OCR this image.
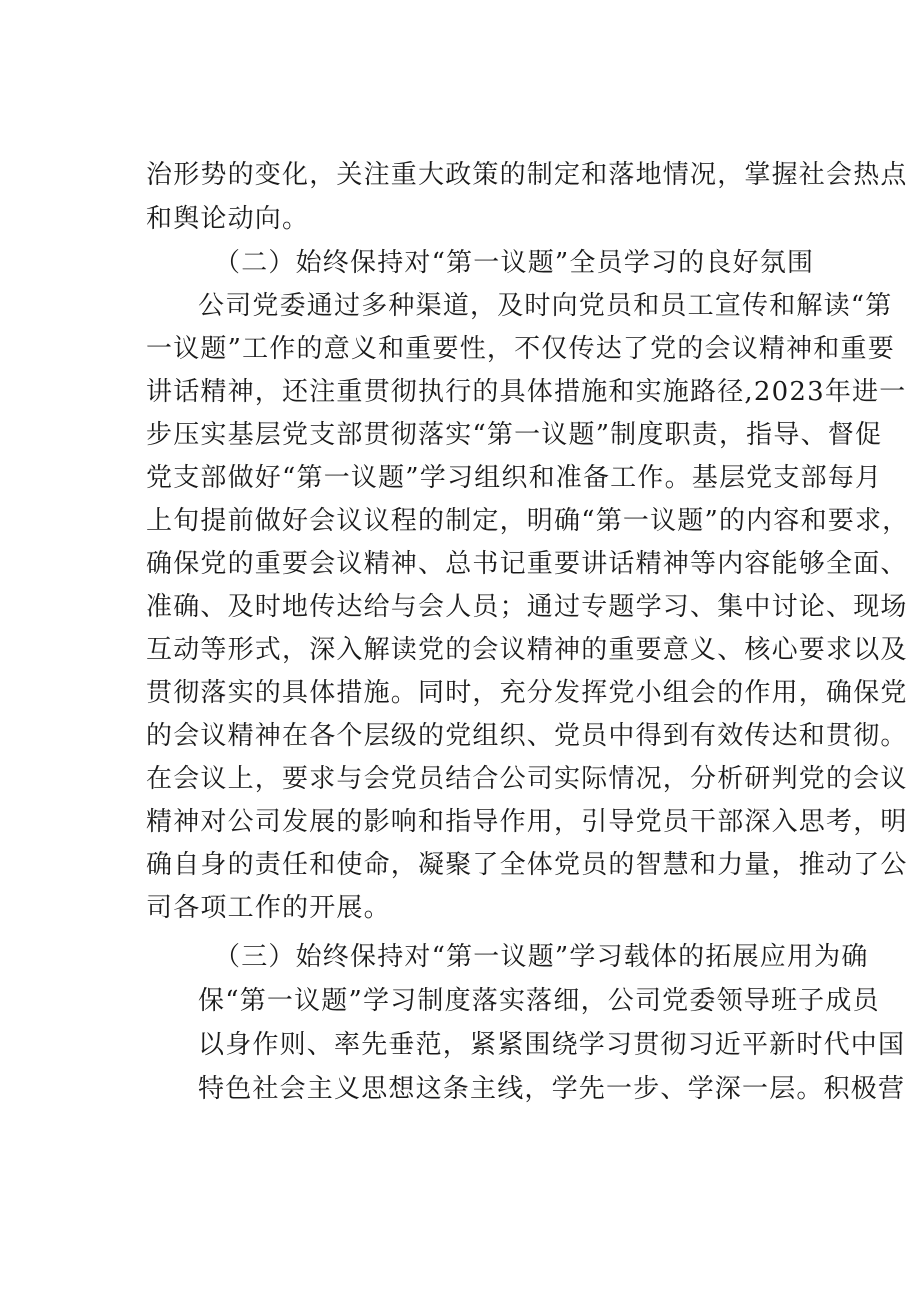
治形势的变化，关注重大政策的制定和落地情况，掌握社会热点
和舆论动向。
（二）始终保持对“第一议题”全员学习的良好氛围
公司党委通过多种渠道，及时向党员和员工宣传和解读“第
一议题”工作的意义和重要性，不仅传达了党的会议精神和重要
讲话精神，还注重贯彻执行的具体措施和实施路径,2023年进一
步压实基层党支部贯彻落实“第一议题”制度职责，指导、督促
党支部做好“第一议题”学习组织和准备工作。基层党支部每月
上旬提前做好会议议程的制定，明确“第一议题”的内容和要求，
确保党的重要会议精神、总书记重要讲话精神等内容能够全面、
准确、及时地传达给与会人员；通过专题学习、集中讨论、现场
互动等形式，深入解读党的会议精神的重要意义、核心要求以及
贯彻落实的具体措施。同时，充分发挥党小组会的作用，确保党
的会议精神在各个层级的党组织、党员中得到有效传达和贯彻。
在会议上，要求与会党员结合公司实际情况，分析研判党的会议
精神对公司发展的影响和指导作用，引导党员干部深入思考，明
确自身的责任和使命，凝聚了全体党员的智慧和力量，推动了公
司各项工作的开展。
（三）始终保持对“第一议题”学习载体的拓展应用为确
保“第一议题”学习制度落实落细，公司党委领导班子成员
以身作则、率先垂范，紧紧围绕学习贯彻习近平新时代中国
特色社会主义思想这条主线，学先一步、学深一层。积极营
